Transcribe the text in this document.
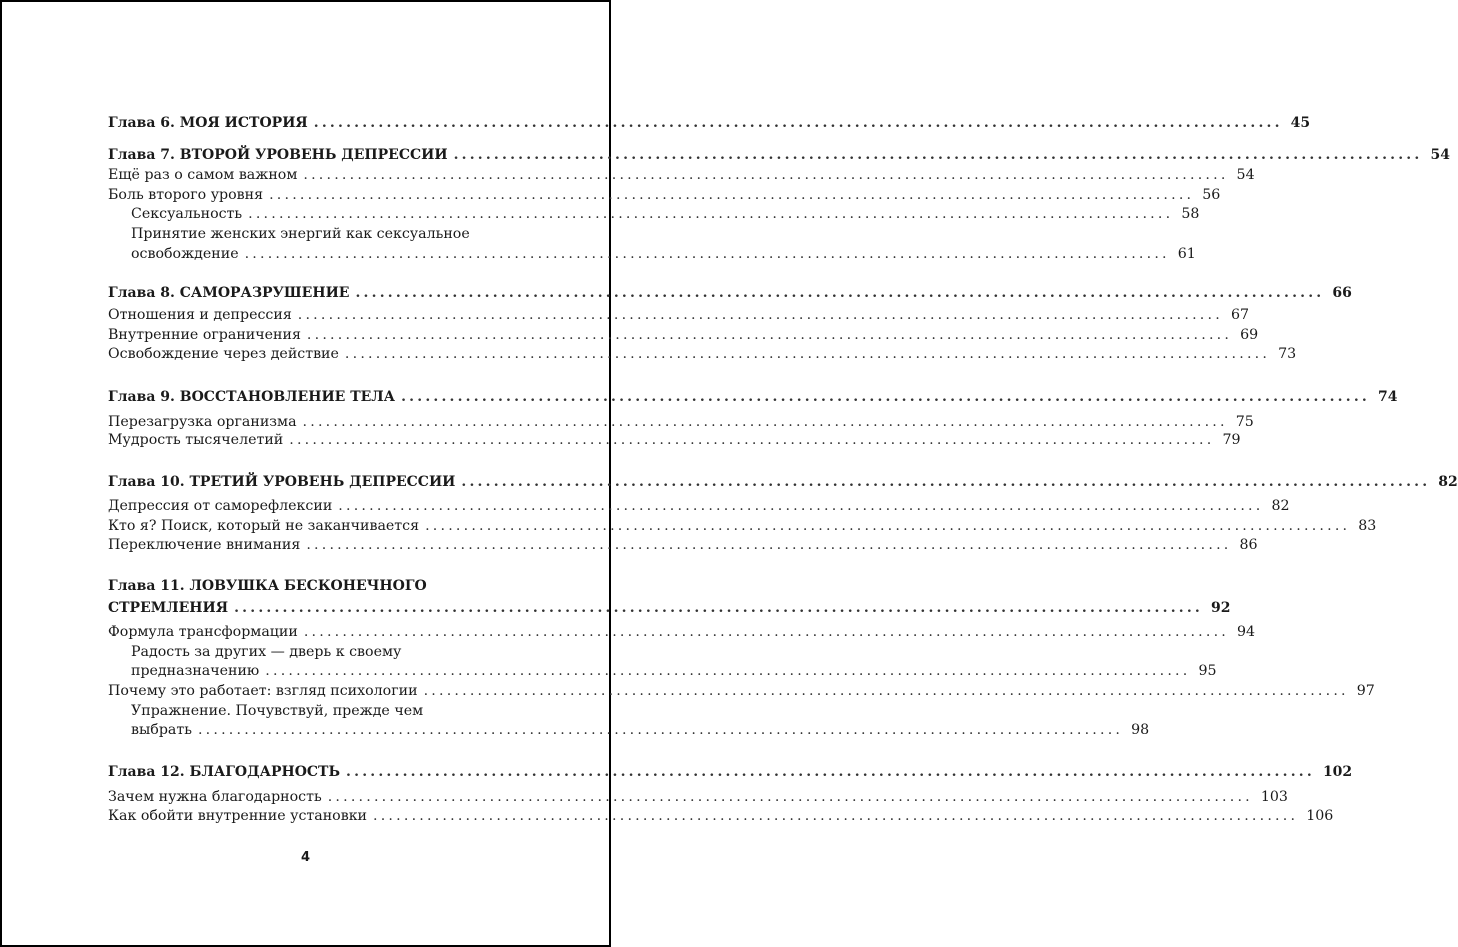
Глава 6. МОЯ ИСТОРИЯ ........................................................................................................................ 45
Глава 7. ВТОРОЙ УРОВЕНЬ ДЕПРЕССИИ ........................................................................................................................ 54
Ещё раз о самом важном ........................................................................................................................ 54
Боль второго уровня ........................................................................................................................ 56
Сексуальность ........................................................................................................................ 58
Принятие женских энергий как сексуальное
освобождение ........................................................................................................................ 61
Глава 8. САМОРАЗРУШЕНИЕ ........................................................................................................................ 66
Отношения и депрессия ........................................................................................................................ 67
Внутренние ограничения ........................................................................................................................ 69
Освобождение через действие ........................................................................................................................ 73
Глава 9. ВОССТАНОВЛЕНИЕ ТЕЛА ........................................................................................................................ 74
Перезагрузка организма ........................................................................................................................ 75
Мудрость тысячелетий ........................................................................................................................ 79
Глава 10. ТРЕТИЙ УРОВЕНЬ ДЕПРЕССИИ ........................................................................................................................ 82
Депрессия от саморефлексии ........................................................................................................................ 82
Кто я? Поиск, который не заканчивается ........................................................................................................................ 83
Переключение внимания ........................................................................................................................ 86
Глава 11. ЛОВУШКА БЕСКОНЕЧНОГО
СТРЕМЛЕНИЯ ........................................................................................................................ 92
Формула трансформации ........................................................................................................................ 94
Радость за других — дверь к своему
предназначению ........................................................................................................................ 95
Почему это работает: взгляд психологии ........................................................................................................................ 97
Упражнение. Почувствуй, прежде чем
выбрать ........................................................................................................................ 98
Глава 12. БЛАГОДАРНОСТЬ ........................................................................................................................ 102
Зачем нужна благодарность ........................................................................................................................ 103
Как обойти внутренние установки ........................................................................................................................ 106
4
